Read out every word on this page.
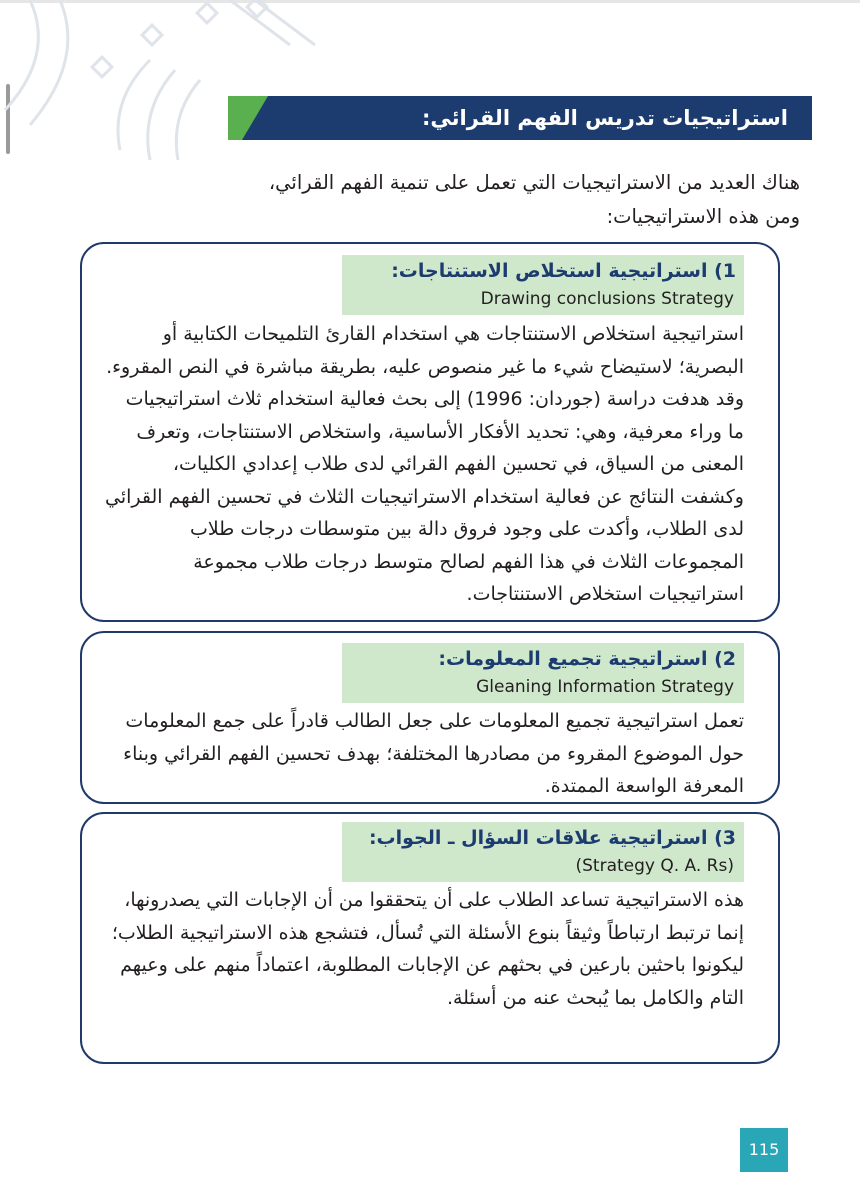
استراتيجيات تدريس الفهم القرائي:

هناك العديد من الاستراتيجيات التي تعمل على تنمية الفهم القرائي،

ومن هذه الاستراتيجيات:

1) استراتيجية استخلاص الاستنتاجات:
Drawing conclusions Strategy

استراتيجية استخلاص الاستنتاجات هي استخدام القارئ التلميحات الكتابية أو البصرية؛ لاستيضاح شيء ما غير منصوص عليه، بطريقة مباشرة في النص المقروء.

وقد هدفت دراسة (جوردان: 1996) إلى بحث فعالية استخدام ثلاث استراتيجيات ما وراء معرفية، وهي: تحديد الأفكار الأساسية، واستخلاص الاستنتاجات، وتعرف المعنى من السياق، في تحسين الفهم القرائي لدى طلاب إعدادي الكليات، وكشفت النتائج عن فعالية استخدام الاستراتيجيات الثلاث في تحسين الفهم القرائي لدى الطلاب، وأكدت على وجود فروق دالة بين متوسطات درجات طلاب المجموعات الثلاث في هذا الفهم لصالح متوسط درجات طلاب مجموعة استراتيجيات استخلاص الاستنتاجات.

2) استراتيجية تجميع المعلومات:
Gleaning Information Strategy

تعمل استراتيجية تجميع المعلومات على جعل الطالب قادراً على جمع المعلومات حول الموضوع المقروء من مصادرها المختلفة؛ بهدف تحسين الفهم القرائي وبناء المعرفة الواسعة الممتدة.

3) استراتيجية علاقات السؤال ـ الجواب:
(Strategy Q. A. Rs)

هذه الاستراتيجية تساعد الطلاب على أن يتحققوا من أن الإجابات التي يصدرونها، إنما ترتبط ارتباطاً وثيقاً بنوع الأسئلة التي تُسأل، فتشجع هذه الاستراتيجية الطلاب؛ ليكونوا باحثين بارعين في بحثهم عن الإجابات المطلوبة، اعتماداً منهم على وعيهم التام والكامل بما يُبحث عنه من أسئلة.

115
